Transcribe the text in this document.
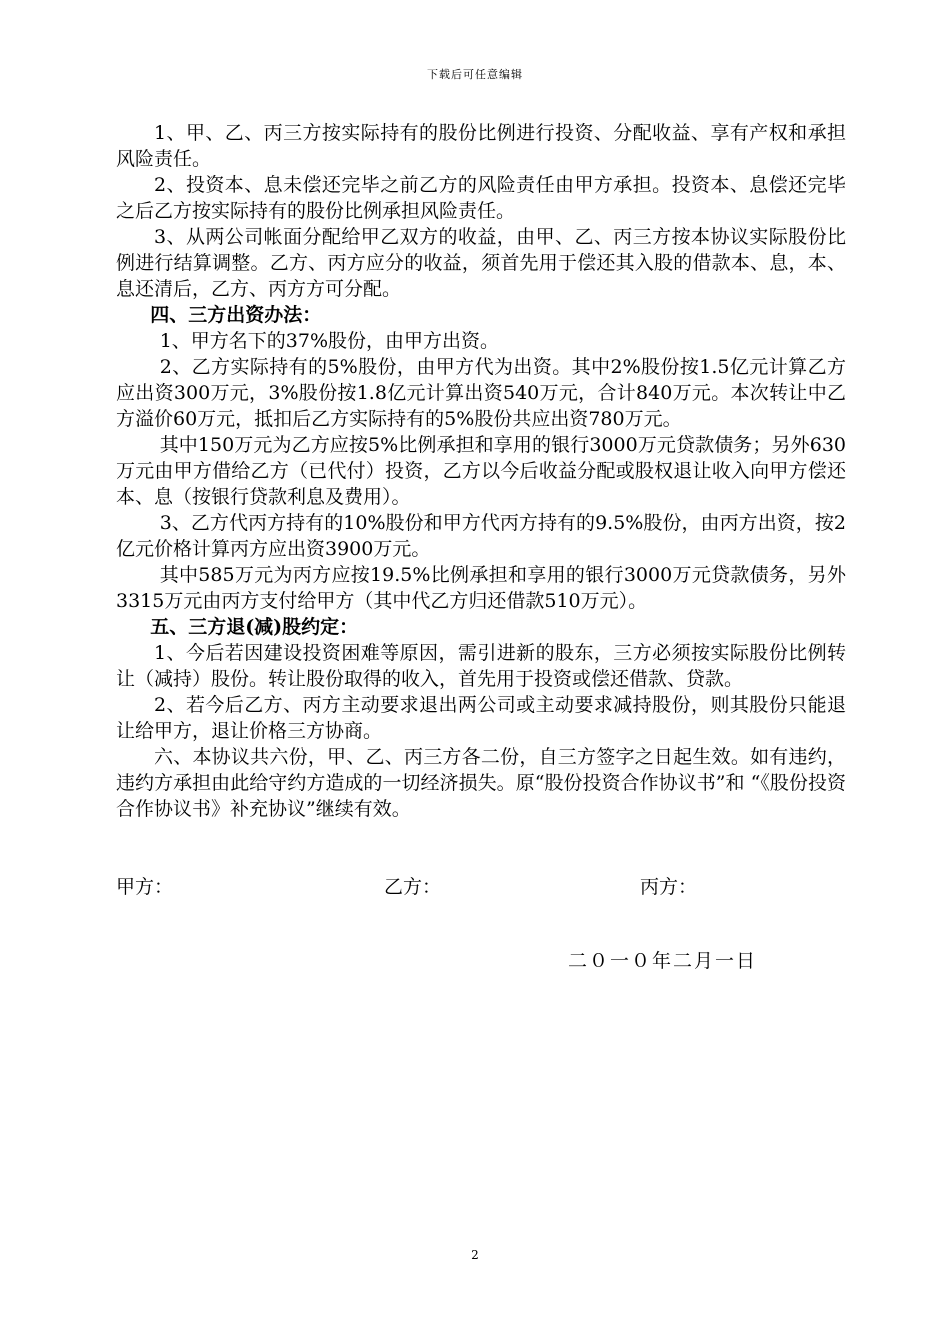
下载后可任意编辑

1、甲、乙、丙三方按实际持有的股份比例进行投资、分配收益、享有产权和承担风险责任。

2、投资本、息未偿还完毕之前乙方的风险责任由甲方承担。投资本、息偿还完毕之后乙方按实际持有的股份比例承担风险责任。

3、从两公司帐面分配给甲乙双方的收益，由甲、乙、丙三方按本协议实际股份比例进行结算调整。乙方、丙方应分的收益，须首先用于偿还其入股的借款本、息，本、息还清后，乙方、丙方方可分配。

四、三方出资办法：

1、甲方名下的37%股份，由甲方出资。

2、乙方实际持有的5%股份，由甲方代为出资。其中2%股份按1.5亿元计算乙方应出资300万元，3%股份按1.8亿元计算出资540万元，合计840万元。本次转让中乙方溢价60万元，抵扣后乙方实际持有的5%股份共应出资780万元。

其中150万元为乙方应按5%比例承担和享用的银行3000万元贷款债务；另外630万元由甲方借给乙方（已代付）投资，乙方以今后收益分配或股权退让收入向甲方偿还本、息（按银行贷款利息及费用）。

3、乙方代丙方持有的10%股份和甲方代丙方持有的9.5%股份，由丙方出资，按2亿元价格计算丙方应出资3900万元。

其中585万元为丙方应按19.5%比例承担和享用的银行3000万元贷款债务，另外3315万元由丙方支付给甲方（其中代乙方归还借款510万元）。

五、三方退(减)股约定：

1、今后若因建设投资困难等原因，需引进新的股东，三方必须按实际股份比例转让（减持）股份。转让股份取得的收入，首先用于投资或偿还借款、贷款。

2、若今后乙方、丙方主动要求退出两公司或主动要求减持股份，则其股份只能退让给甲方，退让价格三方协商。

六、本协议共六份，甲、乙、丙三方各二份，自三方签字之日起生效。如有违约，违约方承担由此给守约方造成的一切经济损失。原“股份投资合作协议书”和 “《股份投资合作协议书》补充协议”继续有效。

甲方：	乙方：	丙方：
二０一０年二月一日
2
